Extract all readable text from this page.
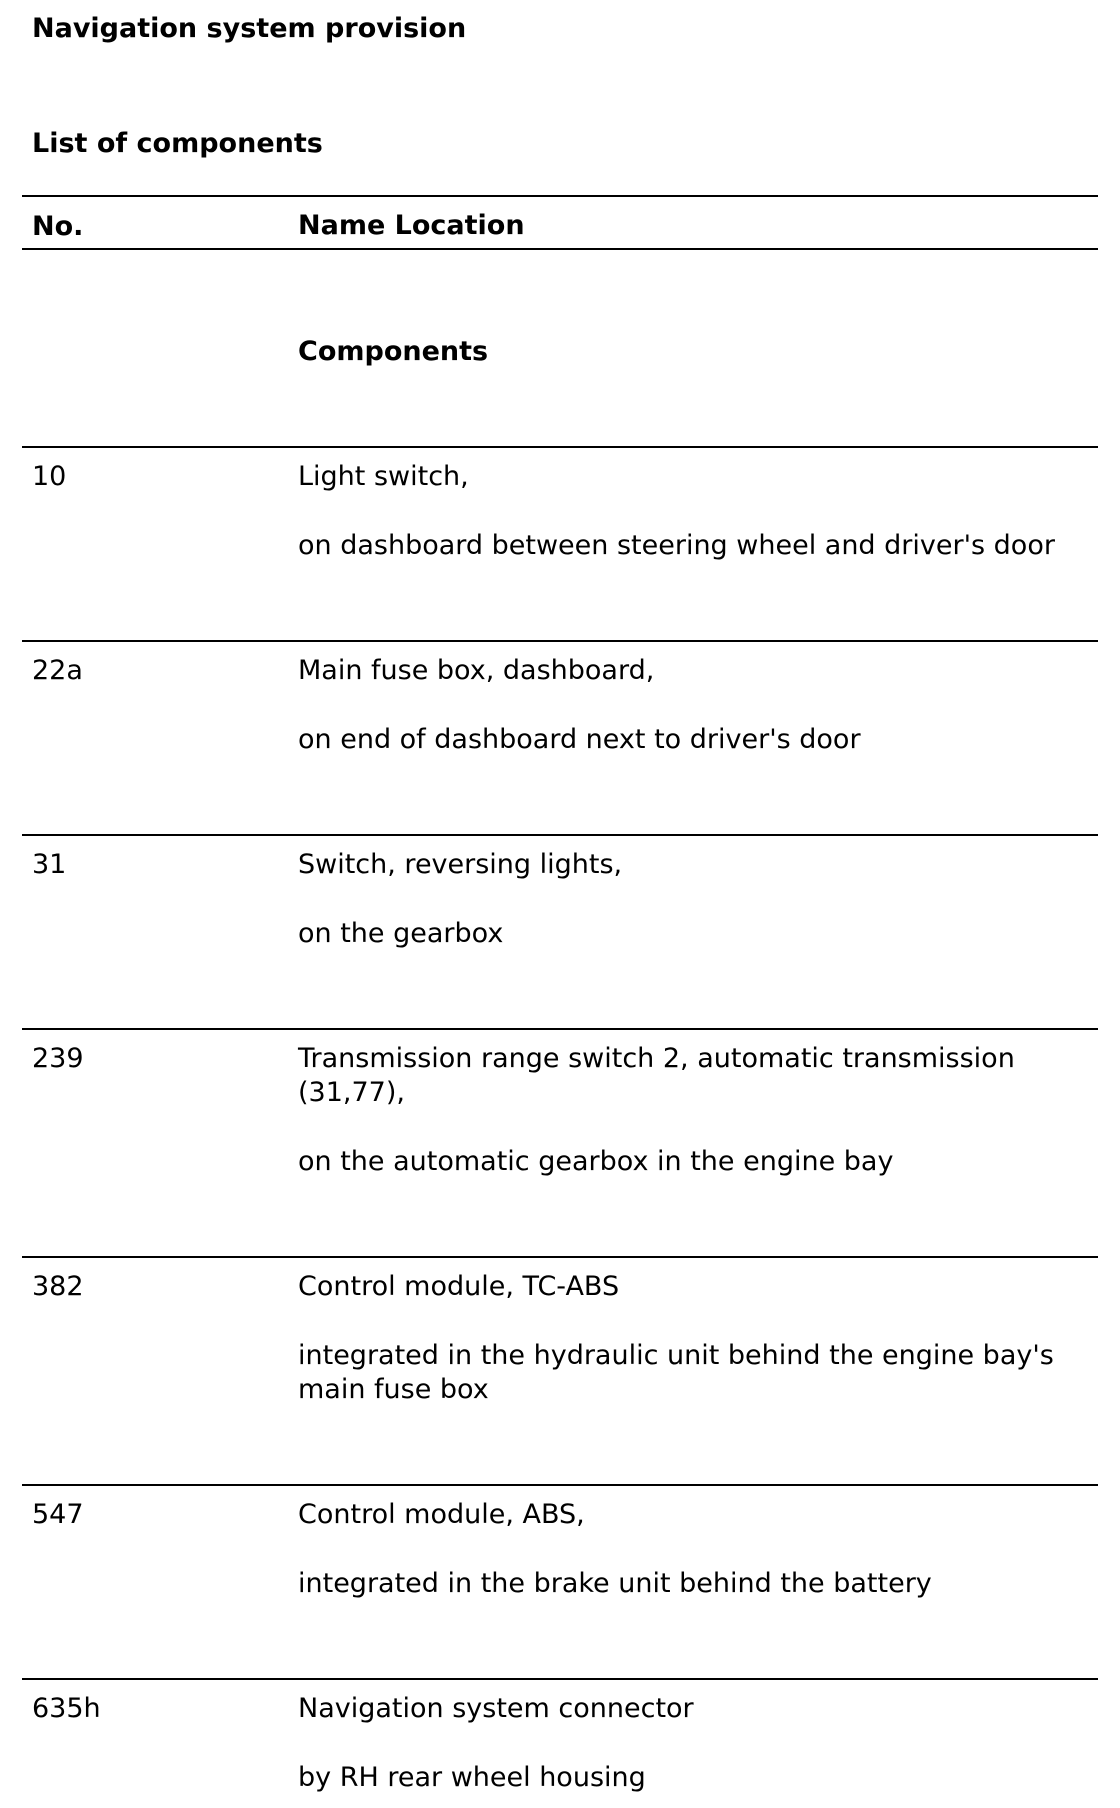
Navigation system provision
List of components
No.	Name Location
Components
10	Light switch,
on dashboard between steering wheel and driver's door
22a	Main fuse box, dashboard,
on end of dashboard next to driver's door
31	Switch, reversing lights,
on the gearbox
239	Transmission range switch 2, automatic transmission (31,77),
on the automatic gearbox in the engine bay
382	Control module, TC-ABS
integrated in the hydraulic unit behind the engine bay's main fuse box
547	Control module, ABS,
integrated in the brake unit behind the battery
635h	Navigation system connector
by RH rear wheel housing
